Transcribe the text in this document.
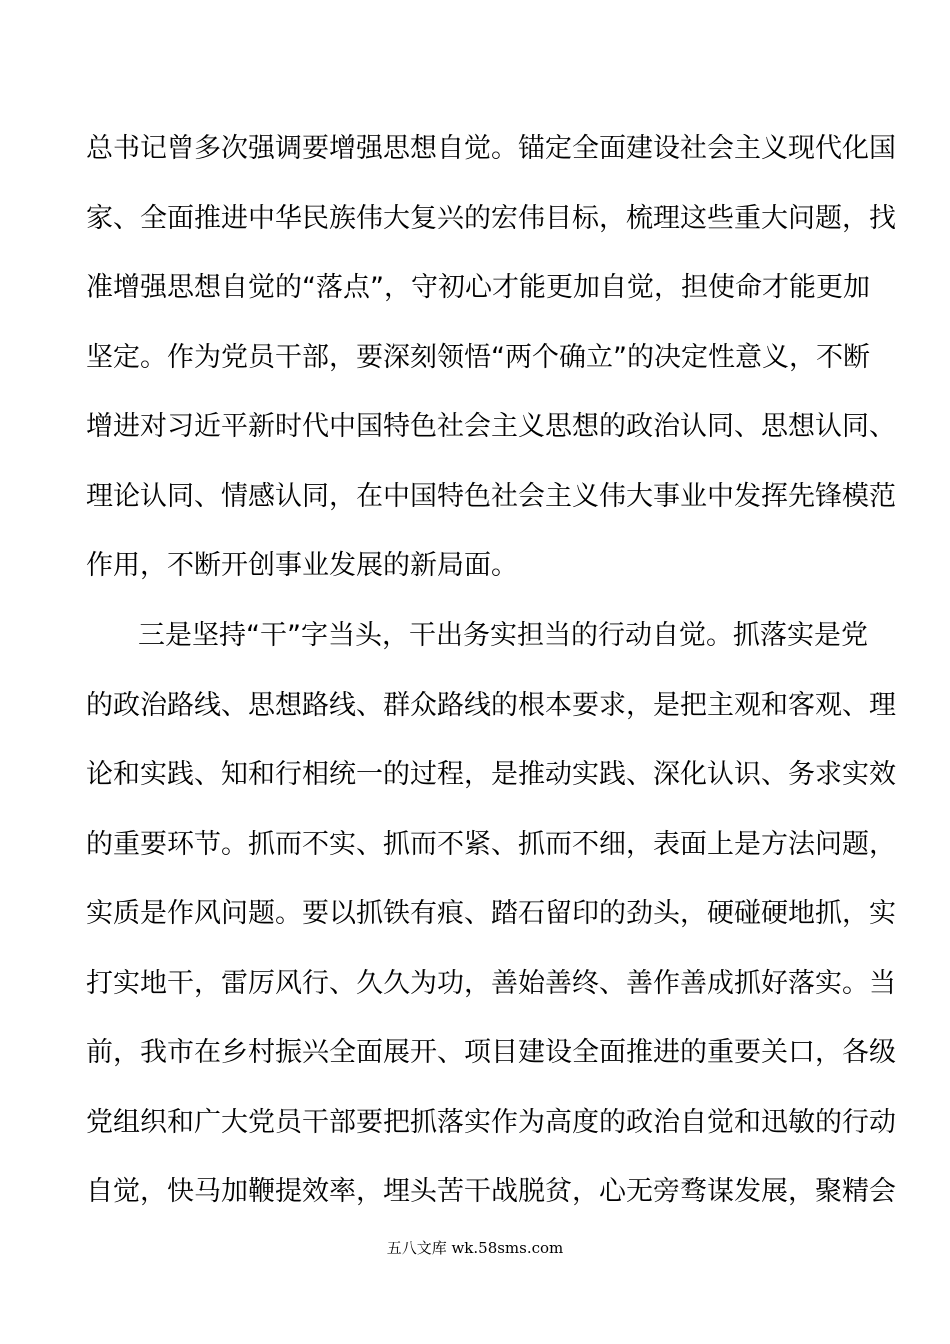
总书记曾多次强调要增强思想自觉。锚定全面建设社会主义现代化国
家、全面推进中华民族伟大复兴的宏伟目标，梳理这些重大问题，找
准增强思想自觉的“落点”，守初心才能更加自觉，担使命才能更加
坚定。作为党员干部，要深刻领悟“两个确立”的决定性意义，不断
增进对习近平新时代中国特色社会主义思想的政治认同、思想认同、
理论认同、情感认同，在中国特色社会主义伟大事业中发挥先锋模范
作用，不断开创事业发展的新局面。
三是坚持“干”字当头，干出务实担当的行动自觉。抓落实是党
的政治路线、思想路线、群众路线的根本要求，是把主观和客观、理
论和实践、知和行相统一的过程，是推动实践、深化认识、务求实效
的重要环节。抓而不实、抓而不紧、抓而不细，表面上是方法问题，
实质是作风问题。要以抓铁有痕、踏石留印的劲头，硬碰硬地抓，实
打实地干，雷厉风行、久久为功，善始善终、善作善成抓好落实。当
前，我市在乡村振兴全面展开、项目建设全面推进的重要关口，各级
党组织和广大党员干部要把抓落实作为高度的政治自觉和迅敏的行动
自觉，快马加鞭提效率，埋头苦干战脱贫，心无旁骛谋发展，聚精会
五八文库 wk.58sms.com
